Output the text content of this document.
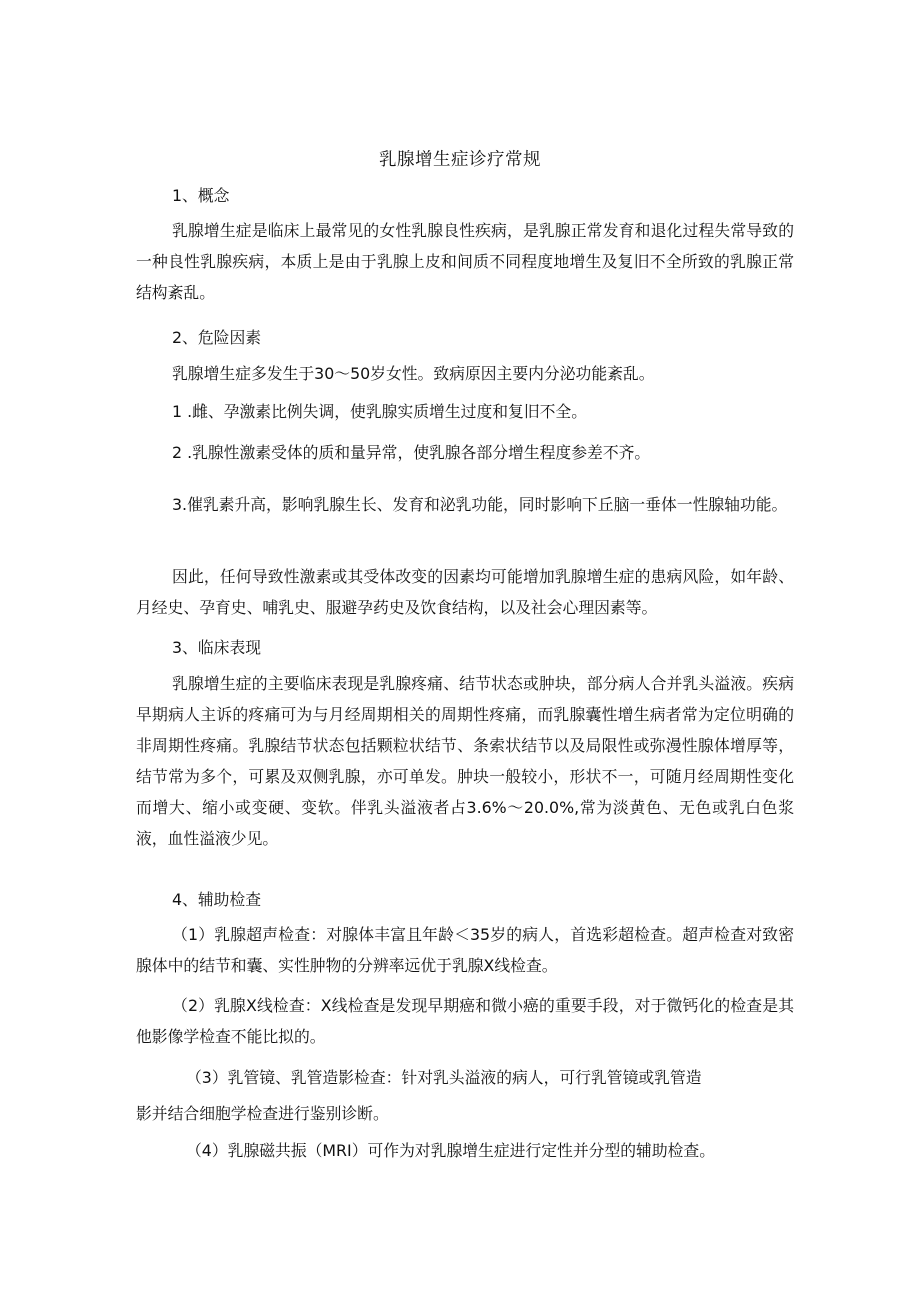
乳腺增生症诊疗常规

1、概念

乳腺增生症是临床上最常见的女性乳腺良性疾病，是乳腺正常发育和退化过程失常导致的一种良性乳腺疾病，本质上是由于乳腺上皮和间质不同程度地增生及复旧不全所致的乳腺正常结构紊乱。

2、危险因素

乳腺增生症多发生于30～50岁女性。致病原因主要内分泌功能紊乱。

1 .雌、孕激素比例失调，使乳腺实质增生过度和复旧不全。

2 .乳腺性激素受体的质和量异常，使乳腺各部分增生程度参差不齐。

3.催乳素升高，影响乳腺生长、发育和泌乳功能，同时影响下丘脑一垂体一性腺轴功能。

因此，任何导致性激素或其受体改变的因素均可能增加乳腺增生症的患病风险，如年龄、月经史、孕育史、哺乳史、服避孕药史及饮食结构，以及社会心理因素等。

3、临床表现

乳腺增生症的主要临床表现是乳腺疼痛、结节状态或肿块，部分病人合并乳头溢液。疾病早期病人主诉的疼痛可为与月经周期相关的周期性疼痛，而乳腺囊性增生病者常为定位明确的非周期性疼痛。乳腺结节状态包括颗粒状结节、条索状结节以及局限性或弥漫性腺体增厚等，结节常为多个，可累及双侧乳腺，亦可单发。肿块一般较小，形状不一，可随月经周期性变化而增大、缩小或变硬、变软。伴乳头溢液者占3.6%～20.0%,常为淡黄色、无色或乳白色浆液，血性溢液少见。

4、辅助检查

（1）乳腺超声检查：对腺体丰富且年龄＜35岁的病人，首选彩超检查。超声检查对致密腺体中的结节和囊、实性肿物的分辨率远优于乳腺X线检查。

（2）乳腺X线检查：X线检查是发现早期癌和微小癌的重要手段，对于微钙化的检查是其他影像学检查不能比拟的。

（3）乳管镜、乳管造影检查：针对乳头溢液的病人，可行乳管镜或乳管造

影并结合细胞学检查进行鉴别诊断。

（4）乳腺磁共振（MRI）可作为对乳腺增生症进行定性并分型的辅助检查。
